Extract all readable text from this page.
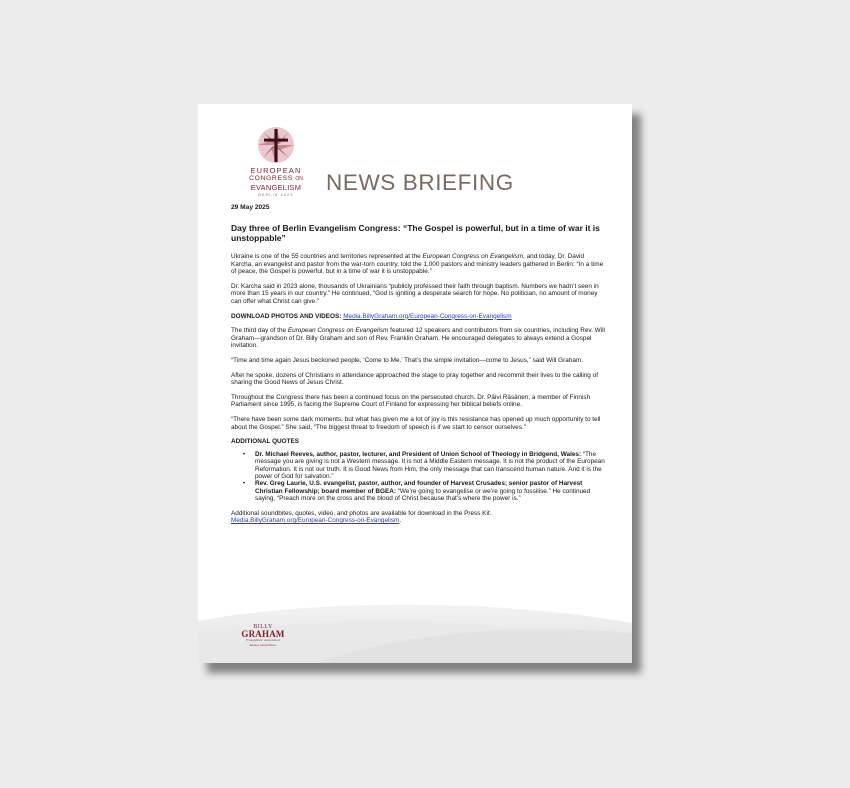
EUROPEAN
CONGRESS ON
EVANGELISM
BERLIN 2025	NEWS BRIEFING
29 May 2025
Day three of Berlin Evangelism Congress: “The Gospel is powerful, but in a time of war it is unstoppable”

Ukraine is one of the 55 countries and territories represented at the European Congress on Evangelism, and today, Dr. David Karcha, an evangelist and pastor from the war-torn country, told the 1,000 pastors and ministry leaders gathered in Berlin: “In a time of peace, the Gospel is powerful, but in a time of war it is unstoppable.”

Dr. Karcha said in 2023 alone, thousands of Ukrainians “publicly professed their faith through baptism. Numbers we hadn’t seen in more than 15 years in our country.” He continued, “God is igniting a desperate search for hope. No politician, no amount of money can offer what Christ can give.”

DOWNLOAD PHOTOS AND VIDEOS: Media.BillyGraham.org/European-Congress-on-Evangelism

The third day of the European Congress on Evangelism featured 12 speakers and contributors from six countries, including Rev. Will Graham—grandson of Dr. Billy Graham and son of Rev. Franklin Graham. He encouraged delegates to always extend a Gospel invitation.

“Time and time again Jesus beckoned people, ‘Come to Me.’ That’s the simple invitation—come to Jesus,” said Will Graham.

After he spoke, dozens of Christians in attendance approached the stage to pray together and recommit their lives to the calling of sharing the Good News of Jesus Christ.

Throughout the Congress there has been a continued focus on the persecuted church. Dr. Päivi Räsänen, a member of Finnish Parliament since 1995, is facing the Supreme Court of Finland for expressing her biblical beliefs online.

“There have been some dark moments, but what has given me a lot of joy is this resistance has opened up much opportunity to tell about the Gospel.” She said, “The biggest threat to freedom of speech is if we start to censor ourselves.”

ADDITIONAL QUOTES
• Dr. Michael Reeves, author, pastor, lecturer, and President of Union School of Theology in Bridgend, Wales: “The message you are giving is not a Western message. It is not a Middle Eastern message. It is not the product of the European Reformation. It is not our truth. It is Good News from Him, the only message that can transcend human nature. And it is the power of God for salvation.”
• Rev. Greg Laurie, U.S. evangelist, pastor, author, and founder of Harvest Crusades; senior pastor of Harvest Christian Fellowship; board member of BGEA: “We’re going to evangelise or we’re going to fossilise.” He continued saying, “Preach more on the cross and the blood of Christ because that’s where the power is.”

Additional soundbites, quotes, video, and photos are available for download in the Press Kit:
Media.BillyGraham.org/European-Congress-on-Evangelism.

BILLY
GRAHAM
Evangelistic Association
Always Good News.
